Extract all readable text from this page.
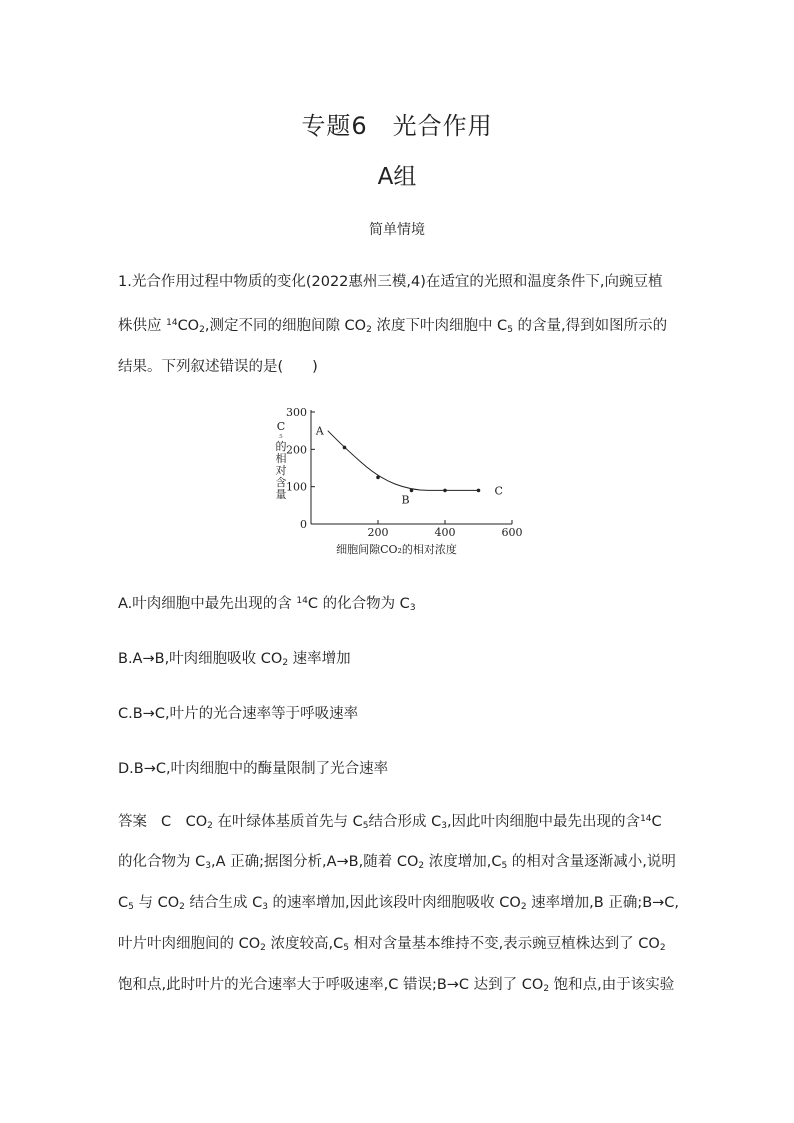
专题6　光合作用
A组
简单情境
1.光合作用过程中物质的变化(2022惠州三模,4)在适宜的光照和温度条件下,向豌豆植
株供应 $^{14}CO_2$,测定不同的细胞间隙 $CO_2$ 浓度下叶肉细胞中 $C_5$ 的含量,得到如图所示的
结果。下列叙述错误的是(　　)
0
100
200
300
200	400	600
A
B
C
细胞间隙CO₂的相对浓度
C ₅ 的相对含量
A.叶肉细胞中最先出现的含 $^{14}$C 的化合物为 $C_3$
B.A→B,叶肉细胞吸收 $CO_2$ 速率增加
C.B→C,叶片的光合速率等于呼吸速率
D.B→C,叶肉细胞中的酶量限制了光合速率
答案 C　$CO_2$ 在叶绿体基质首先与 $C_5$结合形成 $C_3$,因此叶肉细胞中最先出现的含$^{14}$C
的化合物为 $C_3,A$ 正确;据图分析,A→B,随着 $CO_2$ 浓度增加$,C_5$ 的相对含量逐渐减小,说明
$C_5$ 与 $CO_2$ 结合生成 $C_3$ 的速率增加,因此该段叶肉细胞吸收 $CO_2$ 速率增加,B 正确;B→C,
叶片叶肉细胞间的 $CO_2$ 浓度较高$,C_5$ 相对含量基本维持不变,表示豌豆植株达到了 $CO_2$
饱和点,此时叶片的光合速率大于呼吸速率,C 错误;B→C 达到了 $CO_2$ 饱和点,由于该实验
